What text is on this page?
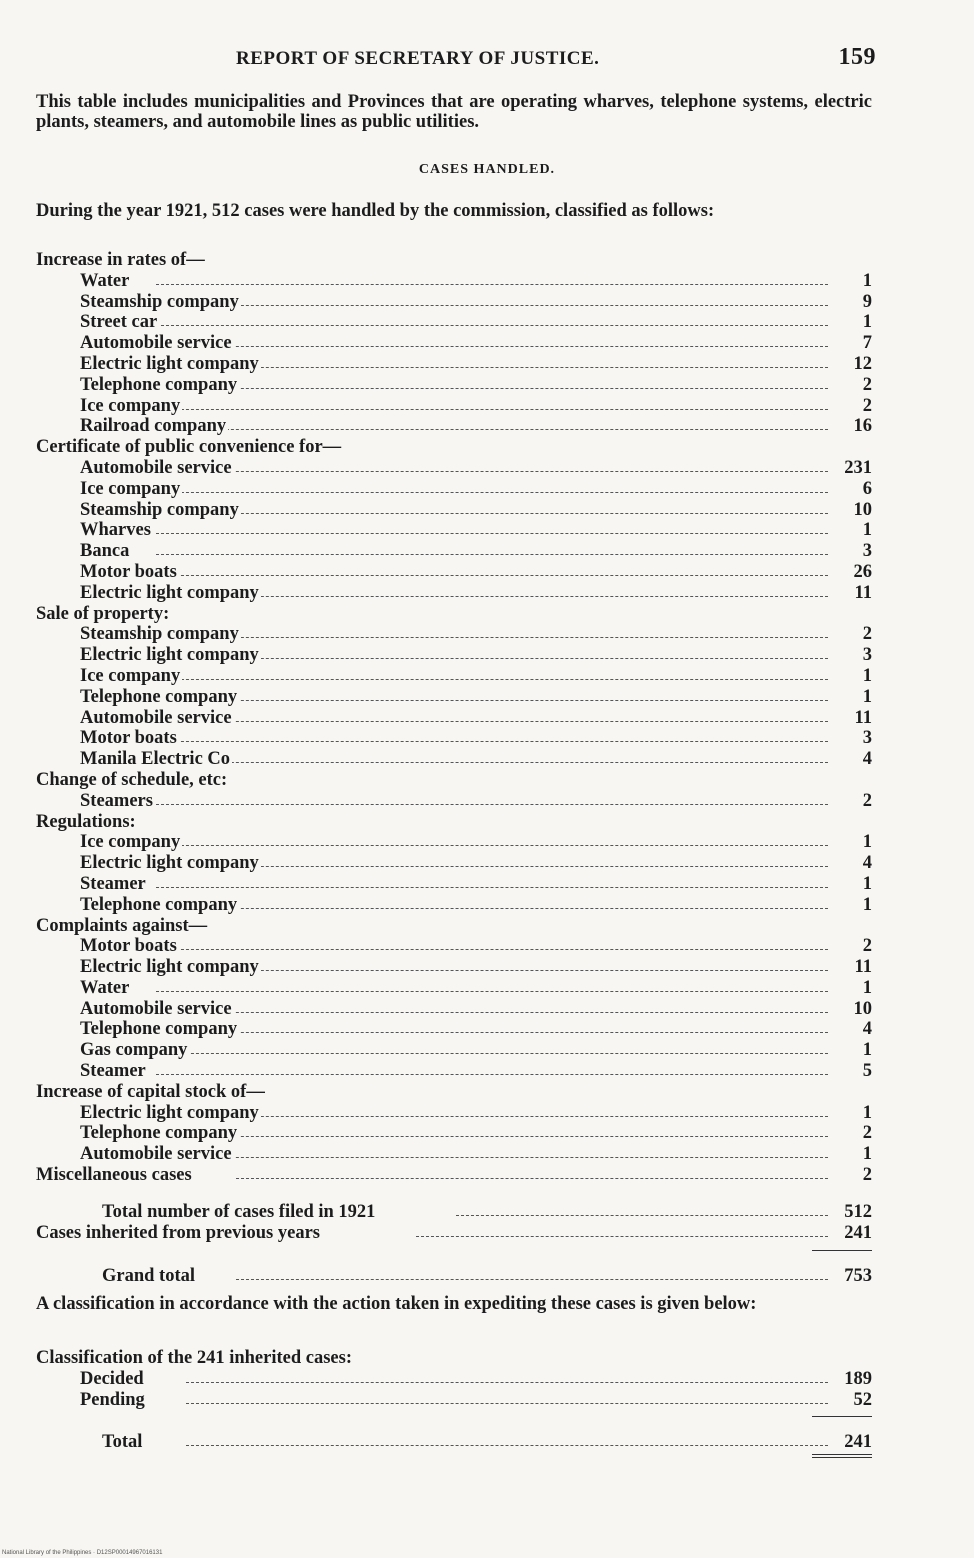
REPORT OF SECRETARY OF JUSTICE.	159
This table includes municipalities and Provinces that are operating wharves, telephone systems, electric plants, steamers, and automobile lines as public utilities.
CASES HANDLED.
During the year 1921, 512 cases were handled by the commission, classified as follows:
Increase in rates of—
Water	1
Steamship company	9
Street car	1
Automobile service	7
Electric light company	12
Telephone company	2
Ice company	2
Railroad company	16
Certificate of public convenience for—
Automobile service	231
Ice company	6
Steamship company	10
Wharves	1
Banca	3
Motor boats	26
Electric light company	11
Sale of property:
Steamship company	2
Electric light company	3
Ice company	1
Telephone company	1
Automobile service	11
Motor boats	3
Manila Electric Co	4
Change of schedule, etc:
Steamers	2
Regulations:
Ice company	1
Electric light company	4
Steamer	1
Telephone company	1
Complaints against—
Motor boats	2
Electric light company	11
Water	1
Automobile service	10
Telephone company	4
Gas company	1
Steamer	5
Increase of capital stock of—
Electric light company	1
Telephone company	2
Automobile service	1
Miscellaneous cases	2
Total number of cases filed in 1921	512
Cases inherited from previous years	241
Grand total	753
A classification in accordance with the action taken in expediting these cases is given below:
Classification of the 241 inherited cases:
Decided	189
Pending	52
Total	241
National Library of the Philippines · D12SP00014967016131
